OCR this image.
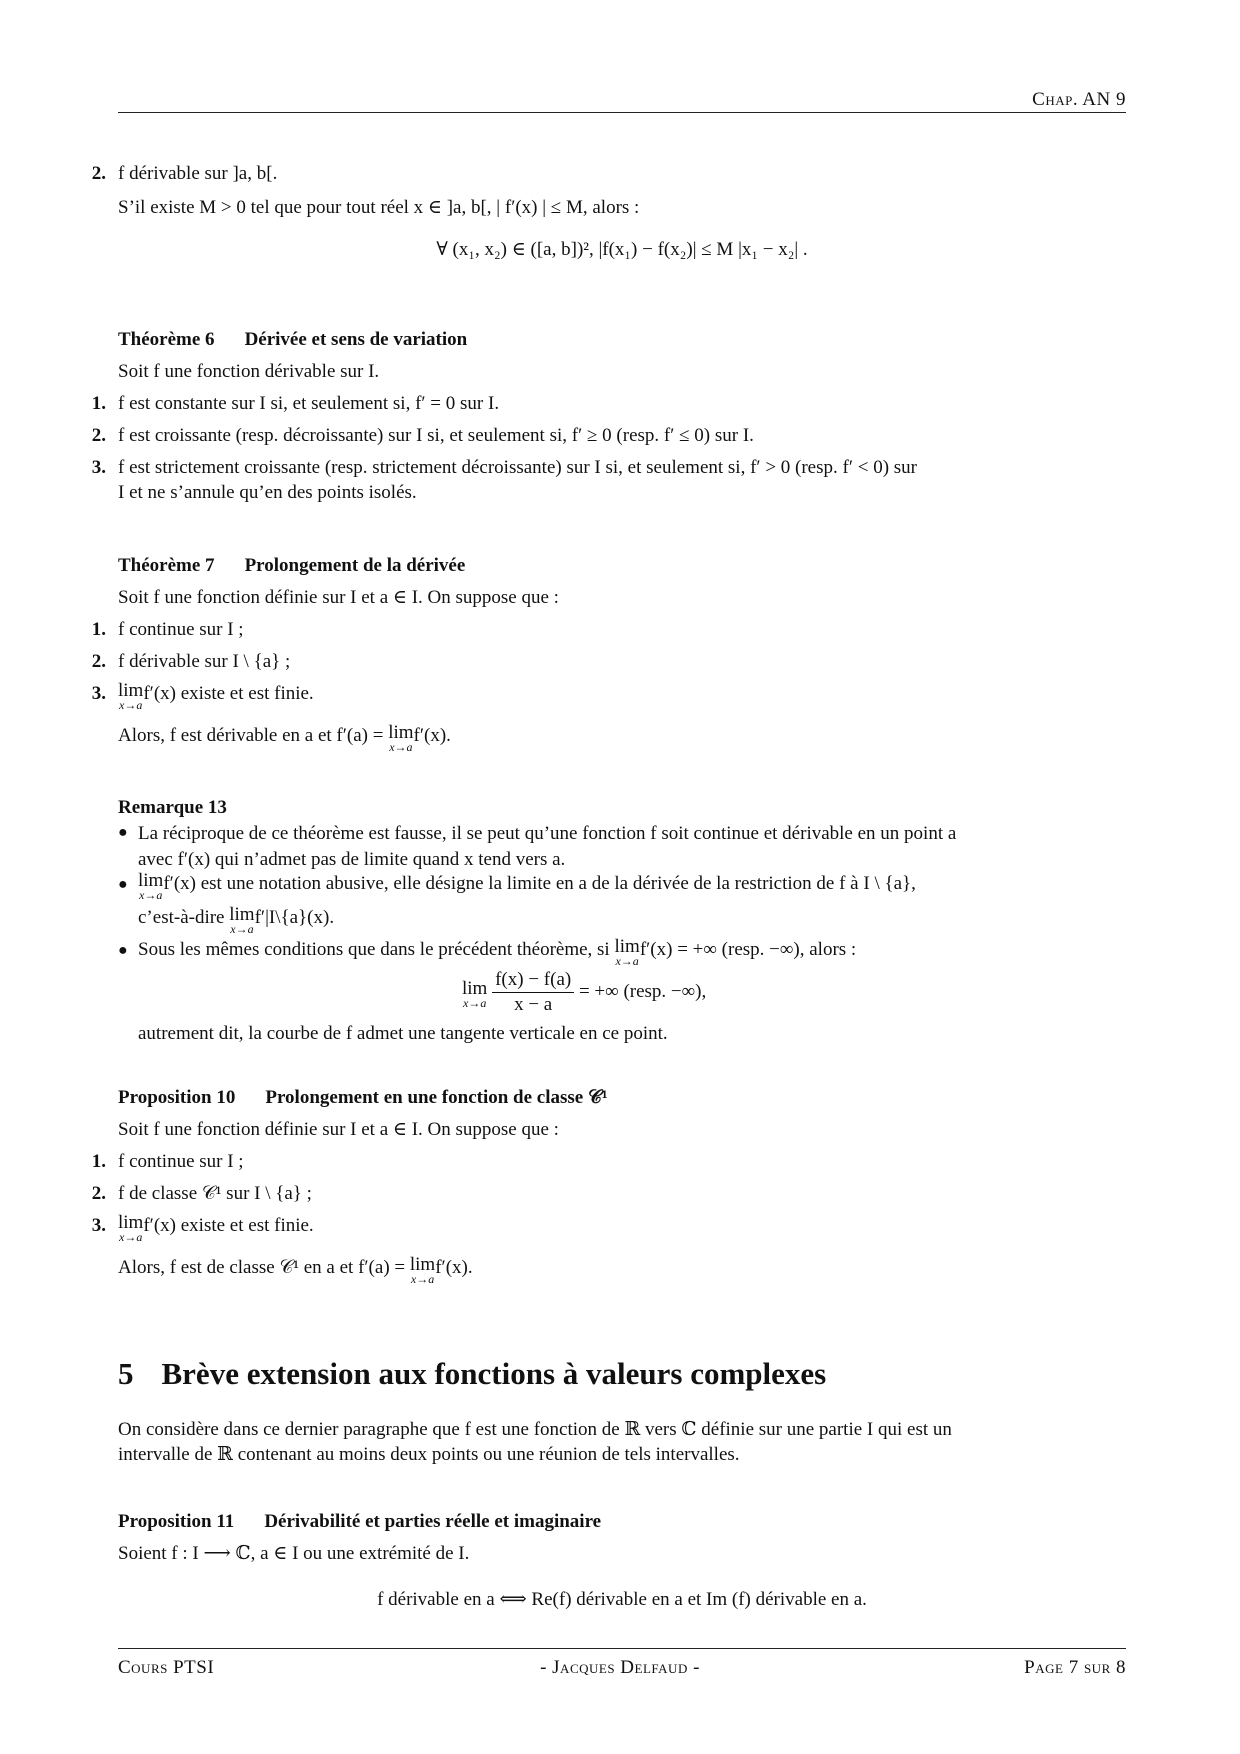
Chap. AN 9
2. f dérivable sur ]a, b[.
S’il existe M > 0 tel que pour tout réel x ∈ ]a, b[, | f′(x) | ≤ M, alors :
∀ (x₁, x₂) ∈ ([a, b])², |f(x₁) − f(x₂)| ≤ M |x₁ − x₂| .
Théorème 6 Dérivée et sens de variation
Soit f une fonction dérivable sur I.
1. f est constante sur I si, et seulement si, f′ = 0 sur I.
2. f est croissante (resp. décroissante) sur I si, et seulement si, f′ ≥ 0 (resp. f′ ≤ 0) sur I.
3. f est strictement croissante (resp. strictement décroissante) sur I si, et seulement si, f′ > 0 (resp. f′ < 0) sur
I et ne s’annule qu’en des points isolés.
Théorème 7 Prolongement de la dérivée
Soit f une fonction définie sur I et a ∈ I. On suppose que :
1. f continue sur I ;
2. f dérivable sur I \ {a} ;
3. lim
x→a
f′(x) existe et est finie.
Alors, f est dérivable en a et f′(a) = lim
x→a
f′(x).
Remarque 13
● La réciproque de ce théorème est fausse, il se peut qu’une fonction f soit continue et dérivable en un point a
avec f′(x) qui n’admet pas de limite quand x tend vers a.
● lim
x→a
f′(x) est une notation abusive, elle désigne la limite en a de la dérivée de la restriction de f à I \ {a},
c’est-à-dire lim
x→a
f′|I\{a}(x).
● Sous les mêmes conditions que dans le précédent théorème, si lim
x→a
f′(x) = +∞ (resp. −∞), alors :
lim
x→a
$\frac{f(x) - f(a)}{x - a}$ = +∞ (resp. −∞),
autrement dit, la courbe de f admet une tangente verticale en ce point.
Proposition 10 Prolongement en une fonction de classe 𝒞¹
Soit f une fonction définie sur I et a ∈ I. On suppose que :
1. f continue sur I ;
2. f de classe 𝒞¹ sur I \ {a} ;
3. lim
x→a
f′(x) existe et est finie.
Alors, f est de classe 𝒞¹ en a et f′(a) = lim
x→a
f′(x).
5 Brève extension aux fonctions à valeurs complexes
On considère dans ce dernier paragraphe que f est une fonction de ℝ vers ℂ définie sur une partie I qui est un
intervalle de ℝ contenant au moins deux points ou une réunion de tels intervalles.
Proposition 11 Dérivabilité et parties réelle et imaginaire
Soient f : I ⟶ ℂ, a ∈ I ou une extrémité de I.
f dérivable en a ⟺ Re(f) dérivable en a et Im (f) dérivable en a.
Cours PTSI	- Jacques Delfaud -	Page 7 sur 8
